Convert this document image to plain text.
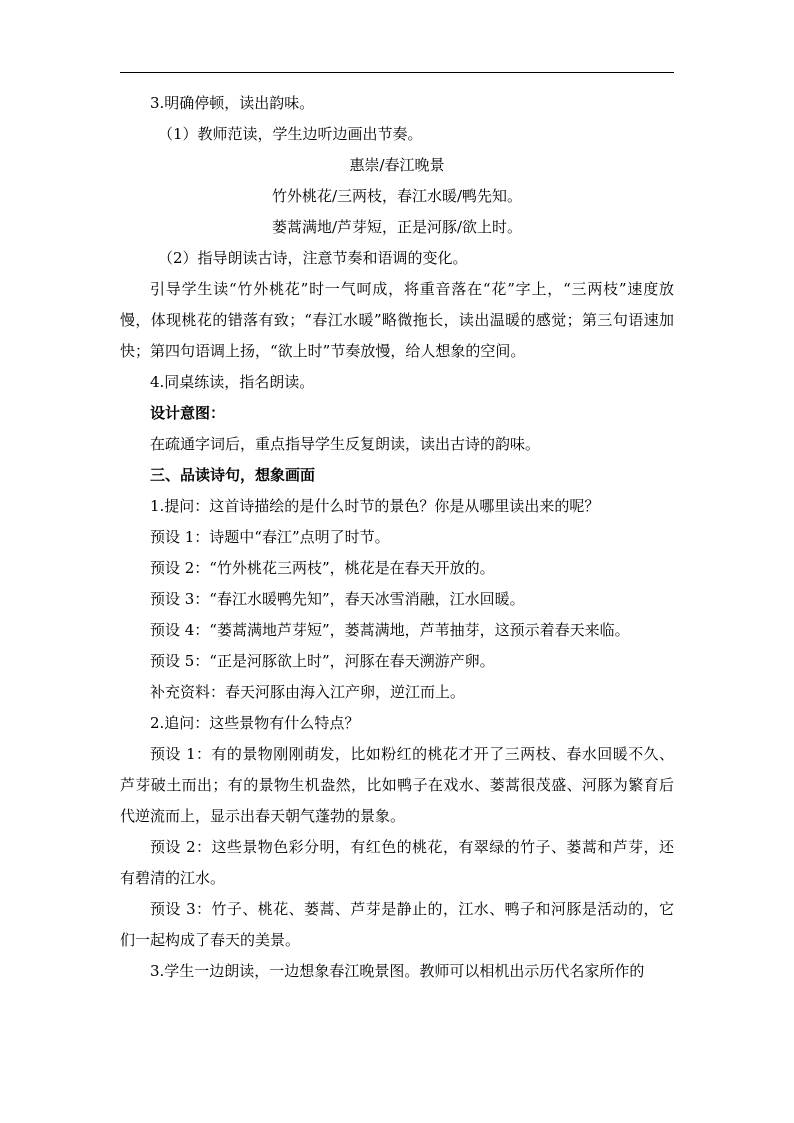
3.明确停顿，读出韵味。
（1）教师范读，学生边听边画出节奏。
惠崇/春江晚景
竹外桃花/三两枝，春江水暖/鸭先知。
蒌蒿满地/芦芽短，正是河豚/欲上时。
（2）指导朗读古诗，注意节奏和语调的变化。
引导学生读“竹外桃花”时一气呵成，将重音落在“花”字上，“三两枝”速度放慢，体现桃花的错落有致；“春江水暖”略微拖长，读出温暖的感觉；第三句语速加快；第四句语调上扬，“欲上时”节奏放慢，给人想象的空间。
4.同桌练读，指名朗读。
设计意图：
在疏通字词后，重点指导学生反复朗读，读出古诗的韵味。
三、品读诗句，想象画面
1.提问：这首诗描绘的是什么时节的景色？你是从哪里读出来的呢？
预设 1：诗题中“春江”点明了时节。
预设 2：“竹外桃花三两枝”，桃花是在春天开放的。
预设 3：“春江水暖鸭先知”，春天冰雪消融，江水回暖。
预设 4：“蒌蒿满地芦芽短”，蒌蒿满地，芦苇抽芽，这预示着春天来临。
预设 5：“正是河豚欲上时”，河豚在春天溯游产卵。
补充资料：春天河豚由海入江产卵，逆江而上。
2.追问：这些景物有什么特点？
预设 1：有的景物刚刚萌发，比如粉红的桃花才开了三两枝、春水回暖不久、芦芽破土而出；有的景物生机盎然，比如鸭子在戏水、蒌蒿很茂盛、河豚为繁育后代逆流而上，显示出春天朝气蓬勃的景象。
预设 2：这些景物色彩分明，有红色的桃花，有翠绿的竹子、蒌蒿和芦芽，还有碧清的江水。
预设 3：竹子、桃花、蒌蒿、芦芽是静止的，江水、鸭子和河豚是活动的，它们一起构成了春天的美景。
3.学生一边朗读，一边想象春江晚景图。教师可以相机出示历代名家所作的
